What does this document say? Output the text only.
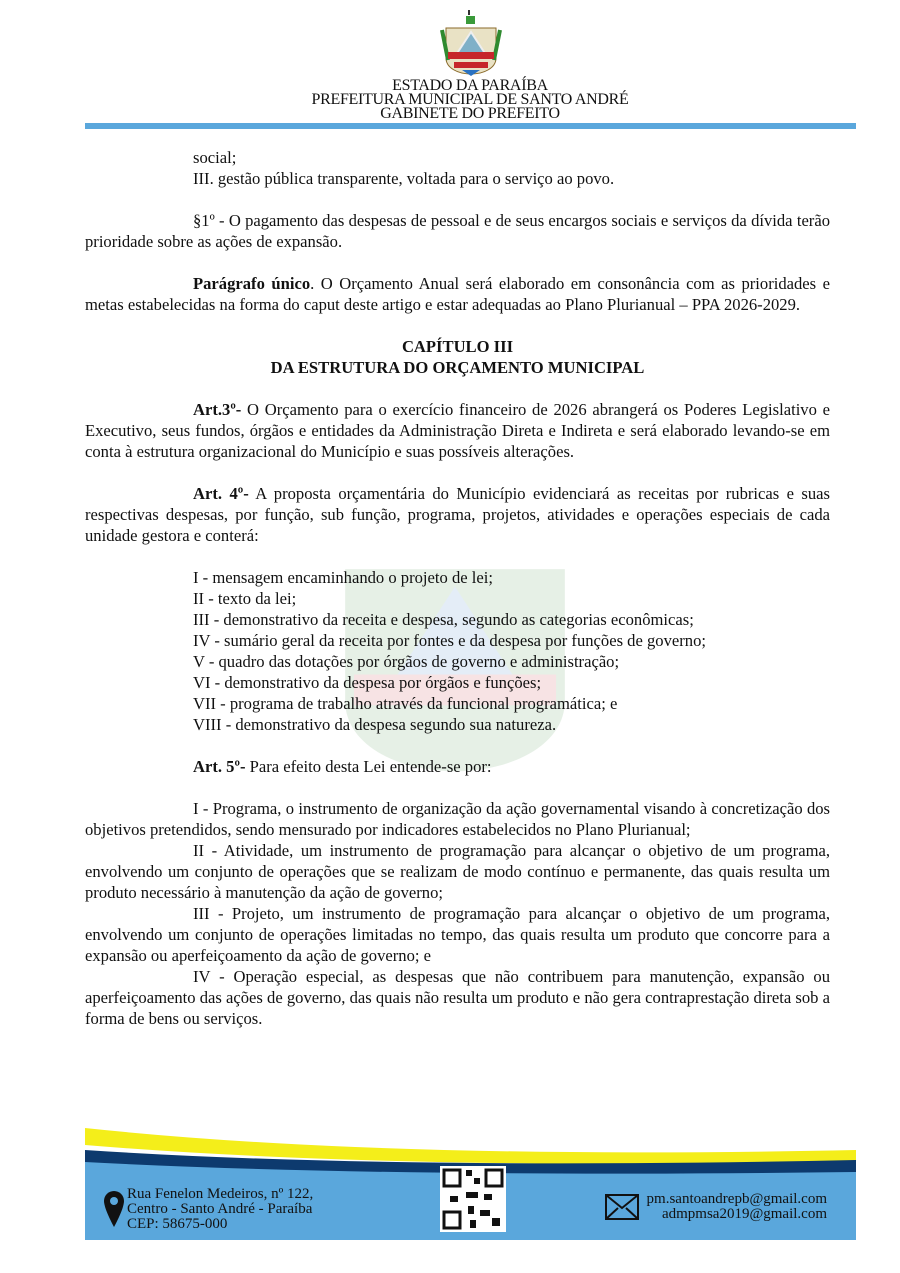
ESTADO DA PARAÍBA
PREFEITURA MUNICIPAL DE SANTO ANDRÉ
GABINETE DO PREFEITO

social;

III. gestão pública transparente, voltada para o serviço ao povo.

§1º - O pagamento das despesas de pessoal e de seus encargos sociais e serviços da dívida terão prioridade sobre as ações de expansão.

Parágrafo único. O Orçamento Anual será elaborado em consonância com as prioridades e metas estabelecidas na forma do caput deste artigo e estar adequadas ao Plano Plurianual – PPA 2026-2029.

CAPÍTULO III

DA ESTRUTURA DO ORÇAMENTO MUNICIPAL

Art.3º- O Orçamento para o exercício financeiro de 2026 abrangerá os Poderes Legislativo e Executivo, seus fundos, órgãos e entidades da Administração Direta e Indireta e será elaborado levando-se em conta à estrutura organizacional do Município e suas possíveis alterações.

Art. 4º- A proposta orçamentária do Município evidenciará as receitas por rubricas e suas respectivas despesas, por função, sub função, programa, projetos, atividades e operações especiais de cada unidade gestora e conterá:

I - mensagem encaminhando o projeto de lei;

II - texto da lei;

III - demonstrativo da receita e despesa, segundo as categorias econômicas;

IV - sumário geral da receita por fontes e da despesa por funções de governo;

V - quadro das dotações por órgãos de governo e administração;

VI - demonstrativo da despesa por órgãos e funções;

VII - programa de trabalho através da funcional programática; e

VIII - demonstrativo da despesa segundo sua natureza.

Art. 5º- Para efeito desta Lei entende-se por:

I - Programa, o instrumento de organização da ação governamental visando à concretização dos objetivos pretendidos, sendo mensurado por indicadores estabelecidos no Plano Plurianual;

II - Atividade, um instrumento de programação para alcançar o objetivo de um programa, envolvendo um conjunto de operações que se realizam de modo contínuo e permanente, das quais resulta um produto necessário à manutenção da ação de governo;

III - Projeto, um instrumento de programação para alcançar o objetivo de um programa, envolvendo um conjunto de operações limitadas no tempo, das quais resulta um produto que concorre para a expansão ou aperfeiçoamento da ação de governo; e

IV - Operação especial, as despesas que não contribuem para manutenção, expansão ou aperfeiçoamento das ações de governo, das quais não resulta um produto e não gera contraprestação direta sob a forma de bens ou serviços.

Rua Fenelon Medeiros, nº 122,
Centro - Santo André - Paraíba
CEP: 58675-000
pm.santoandrepb@gmail.com
admpmsa2019@gmail.com
